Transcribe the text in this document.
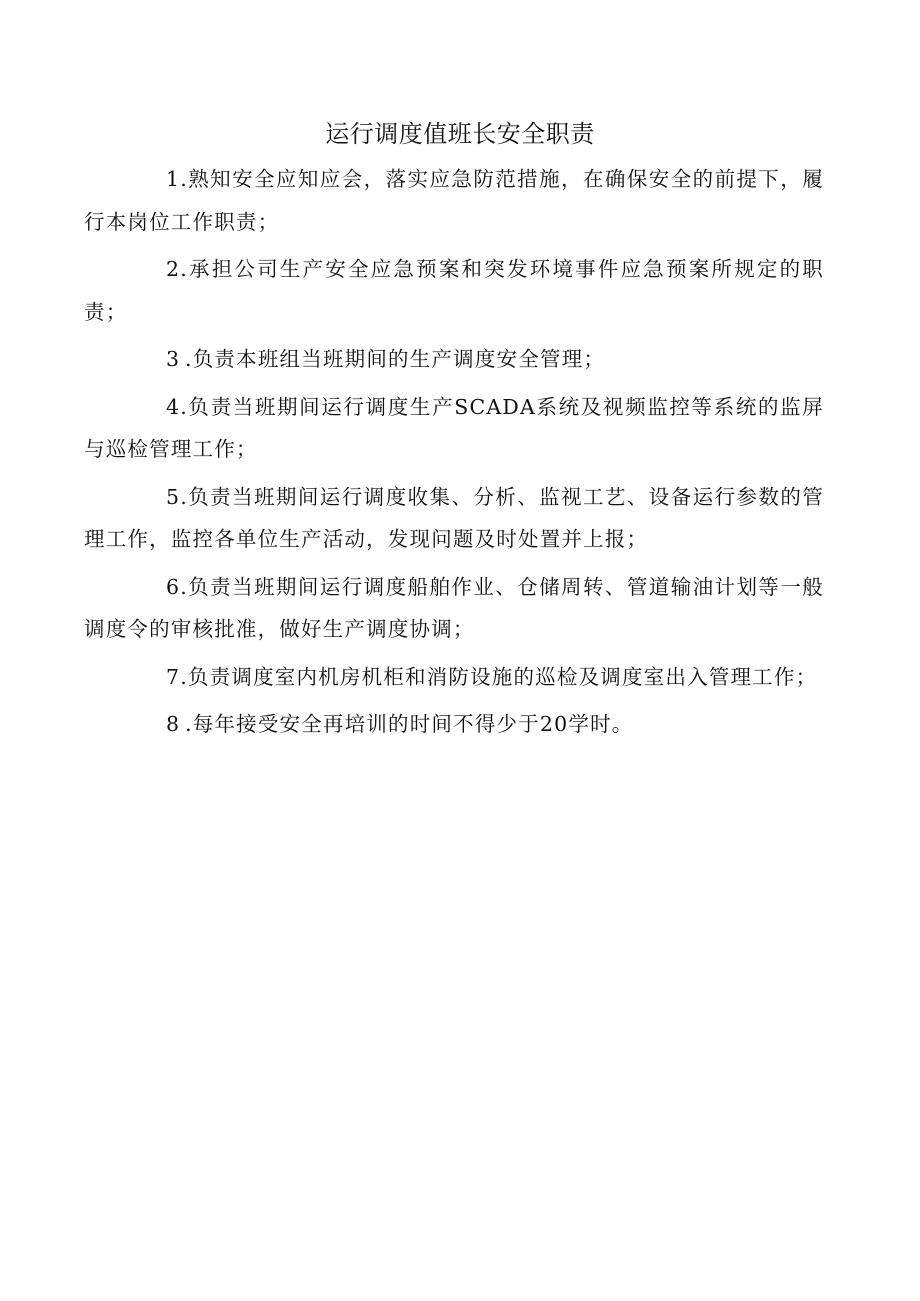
运行调度值班长安全职责
1.熟知安全应知应会，落实应急防范措施，在确保安全的前提下，履行本岗位工作职责；
2.承担公司生产安全应急预案和突发环境事件应急预案所规定的职责；
3 .负责本班组当班期间的生产调度安全管理；
4.负责当班期间运行调度生产SCADA系统及视频监控等系统的监屏与巡检管理工作；
5.负责当班期间运行调度收集、分析、监视工艺、设备运行参数的管理工作，监控各单位生产活动，发现问题及时处置并上报；
6.负责当班期间运行调度船舶作业、仓储周转、管道输油计划等一般调度令的审核批准，做好生产调度协调；
7.负责调度室内机房机柜和消防设施的巡检及调度室出入管理工作；
8 .每年接受安全再培训的时间不得少于20学时。
